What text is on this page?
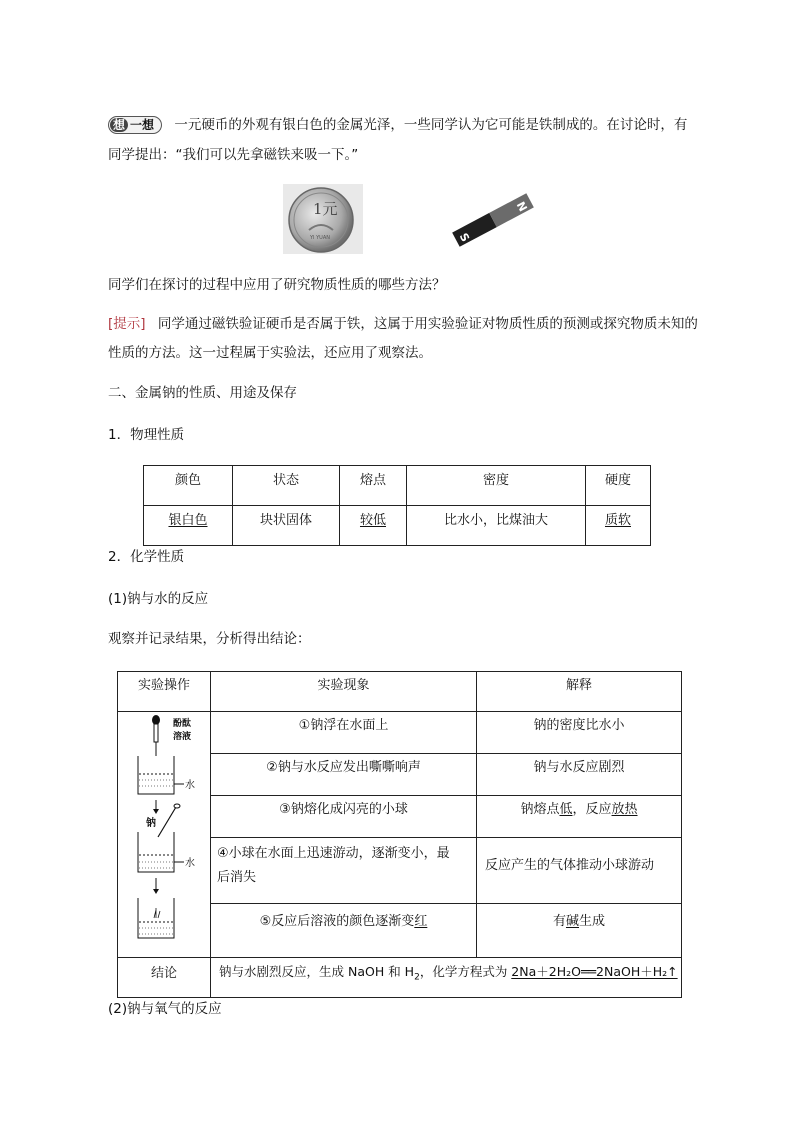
想 一想 一元硬币的外观有银白色的金属光泽，一些同学认为它可能是铁制成的。在讨论时，有
同学提出：“我们可以先拿磁铁来吸一下。”
1元
YI YUAN	S
N
同学们在探讨的过程中应用了研究物质性质的哪些方法？
[提示] 同学通过磁铁验证硬币是否属于铁，这属于用实验验证对物质性质的预测或探究物质未知的
性质的方法。这一过程属于实验法，还应用了观察法。
二、金属钠的性质、用途及保存
1．物理性质
颜色	状态	熔点	密度	硬度
银白色	块状固体	较低	比水小，比煤油大	质软
2．化学性质
(1)钠与水的反应
观察并记录结果，分析得出结论：
实验操作	实验现象	解释

酚酞
溶液
水
钠
水	①钠浮在水面上	钠的密度比水小
	②钠与水反应发出嘶嘶响声	钠与水反应剧烈
	③钠熔化成闪亮的小球	钠熔点低，反应放热

	④小球在水面上迅速游动，逐渐变小，最
后消失	反应产生的气体推动小球游动
	⑤反应后溶液的颜色逐渐变红	有碱生成
结论	钠与水剧烈反应，生成 NaOH 和 $H_2$，化学方程式为 2Na＋2H₂O══2NaOH＋H₂↑	
(2)钠与氧气的反应
